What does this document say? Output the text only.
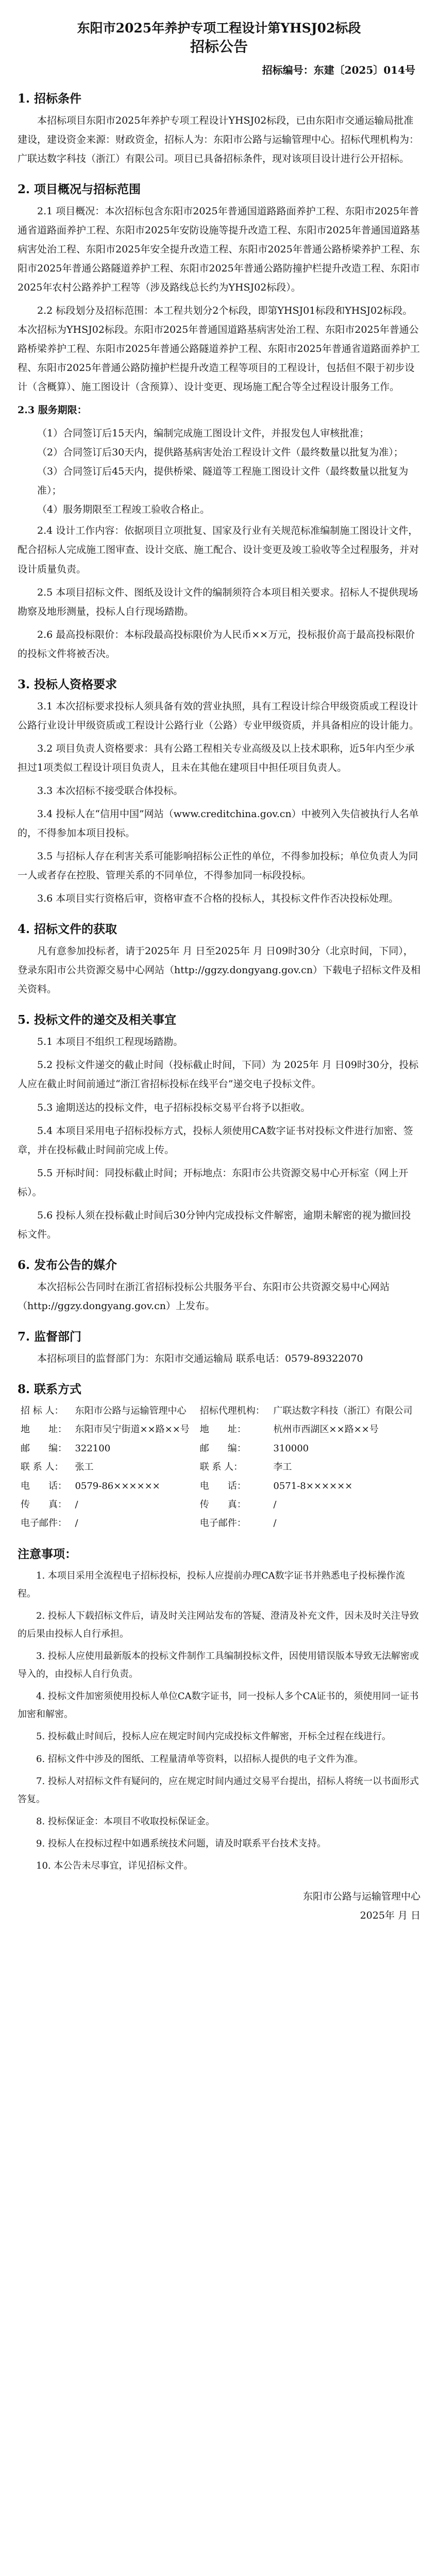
东阳市2025年养护专项工程设计第YHSJ02标段
招标公告
招标编号：东建〔2025〕014号
1. 招标条件
本招标项目东阳市2025年养护专项工程设计YHSJ02标段，已由东阳市交通运输局批准建设，建设资金来源：财政资金，招标人为：东阳市公路与运输管理中心。招标代理机构为：广联达数字科技（浙江）有限公司。项目已具备招标条件，现对该项目设计进行公开招标。
2. 项目概况与招标范围
2.1 项目概况：本次招标包含东阳市2025年普通国道路路面养护工程、东阳市2025年普通省道路面养护工程、东阳市2025年安防设施等提升改造工程、东阳市2025年普通国道路基病害处治工程、东阳市2025年安全提升改造工程、东阳市2025年普通公路桥梁养护工程、东阳市2025年普通公路隧道养护工程、东阳市2025年普通公路防撞护栏提升改造工程、东阳市2025年农村公路养护工程等（涉及路线总长约为YHSJ02标段）。
2.2 标段划分及招标范围：本工程共划分2个标段，即第YHSJ01标段和YHSJ02标段。本次招标为YHSJ02标段。东阳市2025年普通国道路基病害处治工程、东阳市2025年普通公路桥梁养护工程、东阳市2025年普通公路隧道养护工程、东阳市2025年普通省道路面养护工程、东阳市2025年普通公路防撞护栏提升改造工程等项目的工程设计，包括但不限于初步设计（含概算）、施工图设计（含预算）、设计变更、现场施工配合等全过程设计服务工作。
2.3 服务期限：
（1）合同签订后15天内，编制完成施工图设计文件，并报发包人审核批准；
（2）合同签订后30天内，提供路基病害处治工程设计文件（最终数量以批复为准）；
（3）合同签订后45天内，提供桥梁、隧道等工程施工图设计文件（最终数量以批复为准）；
（4）服务期限至工程竣工验收合格止。
2.4 设计工作内容：依据项目立项批复、国家及行业有关规范标准编制施工图设计文件，配合招标人完成施工图审查、设计交底、施工配合、设计变更及竣工验收等全过程服务，并对设计质量负责。
2.5 本项目招标文件、图纸及设计文件的编制须符合本项目相关要求。招标人不提供现场勘察及地形测量，投标人自行现场踏勘。
2.6 最高投标限价：本标段最高投标限价为人民币××万元，投标报价高于最高投标限价的投标文件将被否决。
3. 投标人资格要求
3.1 本次招标要求投标人须具备有效的营业执照，具有工程设计综合甲级资质或工程设计公路行业设计甲级资质或工程设计公路行业（公路）专业甲级资质，并具备相应的设计能力。
3.2 项目负责人资格要求：具有公路工程相关专业高级及以上技术职称，近5年内至少承担过1项类似工程设计项目负责人，且未在其他在建项目中担任项目负责人。
3.3 本次招标不接受联合体投标。
3.4 投标人在“信用中国”网站（www.creditchina.gov.cn）中被列入失信被执行人名单的，不得参加本项目投标。
3.5 与招标人存在利害关系可能影响招标公正性的单位，不得参加投标；单位负责人为同一人或者存在控股、管理关系的不同单位，不得参加同一标段投标。
3.6 本项目实行资格后审，资格审查不合格的投标人，其投标文件作否决投标处理。
4. 招标文件的获取
凡有意参加投标者，请于2025年 月 日至2025年 月 日09时30分（北京时间，下同），登录东阳市公共资源交易中心网站（http://ggzy.dongyang.gov.cn）下载电子招标文件及相关资料。
5. 投标文件的递交及相关事宜
5.1 本项目不组织工程现场踏勘。
5.2 投标文件递交的截止时间（投标截止时间，下同）为 2025年 月 日09时30分，投标人应在截止时间前通过“浙江省招标投标在线平台”递交电子投标文件。
5.3 逾期送达的投标文件，电子招标投标交易平台将予以拒收。
5.4 本项目采用电子招标投标方式，投标人须使用CA数字证书对投标文件进行加密、签章，并在投标截止时间前完成上传。
5.5 开标时间：同投标截止时间；开标地点：东阳市公共资源交易中心开标室（网上开标）。
5.6 投标人须在投标截止时间后30分钟内完成投标文件解密，逾期未解密的视为撤回投标文件。
6. 发布公告的媒介
本次招标公告同时在浙江省招标投标公共服务平台、东阳市公共资源交易中心网站（http://ggzy.dongyang.gov.cn）上发布。
7. 监督部门
本招标项目的监督部门为：东阳市交通运输局 联系电话：0579-89322070
8. 联系方式
招 标 人：	东阳市公路与运输管理中心	招标代理机构：	广联达数字科技（浙江）有限公司
地　　址：	东阳市吴宁街道××路××号	地　　址：	杭州市西湖区××路××号
邮　　编：	322100	邮　　编：	310000
联 系 人：	张工	联 系 人：	李工
电　　话：	0579-86××××××	电　　话：	0571-8××××××
传　　真：	/	传　　真：	/
电子邮件：	/	电子邮件：	/
注意事项：
1. 本项目采用全流程电子招标投标，投标人应提前办理CA数字证书并熟悉电子投标操作流程。
2. 投标人下载招标文件后，请及时关注网站发布的答疑、澄清及补充文件，因未及时关注导致的后果由投标人自行承担。
3. 投标人应使用最新版本的投标文件制作工具编制投标文件，因使用错误版本导致无法解密或导入的，由投标人自行负责。
4. 投标文件加密须使用投标人单位CA数字证书，同一投标人多个CA证书的，须使用同一证书加密和解密。
5. 投标截止时间后，投标人应在规定时间内完成投标文件解密，开标全过程在线进行。
6. 招标文件中涉及的图纸、工程量清单等资料，以招标人提供的电子文件为准。
7. 投标人对招标文件有疑问的，应在规定时间内通过交易平台提出，招标人将统一以书面形式答复。
8. 投标保证金：本项目不收取投标保证金。
9. 投标人在投标过程中如遇系统技术问题，请及时联系平台技术支持。
10. 本公告未尽事宜，详见招标文件。
东阳市公路与运输管理中心
2025年 月 日
